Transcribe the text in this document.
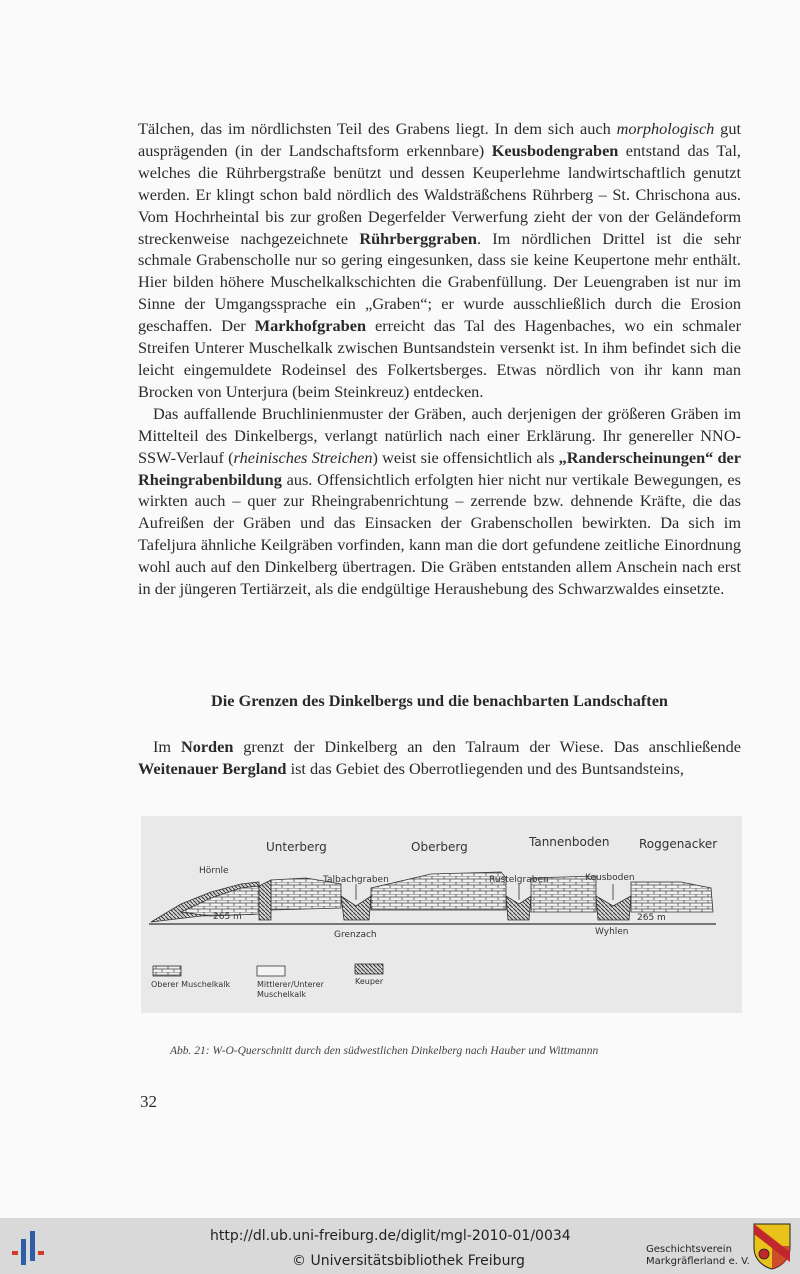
Tälchen, das im nördlichsten Teil des Grabens liegt. In dem sich auch morphologisch gut ausprägenden (in der Landschaftsform erkennbare) Keusbodengraben entstand das Tal, welches die Rührbergstraße benützt und dessen Keuperlehme landwirtschaftlich genutzt werden. Er klingt schon bald nördlich des Waldsträßchens Rührberg – St. Chrischona aus. Vom Hochrheintal bis zur großen Degerfelder Verwerfung zieht der von der Geländeform streckenweise nachgezeichnete Rührberggraben. Im nördlichen Drittel ist die sehr schmale Grabenscholle nur so gering eingesunken, dass sie keine Keupertone mehr enthält. Hier bilden höhere Muschelkalkschichten die Grabenfüllung. Der Leuengraben ist nur im Sinne der Umgangssprache ein „Graben“; er wurde ausschließlich durch die Erosion geschaffen. Der Markhofgraben erreicht das Tal des Hagenbaches, wo ein schmaler Streifen Unterer Muschelkalk zwischen Buntsandstein versenkt ist. In ihm befindet sich die leicht eingemuldete Rodeinsel des Folkertsberges. Etwas nördlich von ihr kann man Brocken von Unterjura (beim Steinkreuz) entdecken.

Das auffallende Bruchlinienmuster der Gräben, auch derjenigen der größeren Gräben im Mittelteil des Dinkelbergs, verlangt natürlich nach einer Erklärung. Ihr genereller NNO-SSW-Verlauf (rheinisches Streichen) weist sie offensichtlich als „Randerscheinungen“ der Rheingrabenbildung aus. Offensichtlich erfolgten hier nicht nur vertikale Bewegungen, es wirkten auch – quer zur Rheingrabenrichtung – zerrende bzw. dehnende Kräfte, die das Aufreißen der Gräben und das Einsacken der Grabenschollen bewirkten. Da sich im Tafeljura ähnliche Keilgräben vorfinden, kann man die dort gefundene zeitliche Einordnung wohl auch auf den Dinkelberg übertragen. Die Gräben entstanden allem Anschein nach erst in der jüngeren Tertiärzeit, als die endgültige Heraushebung des Schwarzwaldes einsetzte.

Die Grenzen des Dinkelbergs und die benachbarten Landschaften

Im Norden grenzt der Dinkelberg an den Talraum der Wiese. Das anschließende Weitenauer Bergland ist das Gebiet des Oberrotliegenden und des Buntsandsteins,

Unterberg	Oberberg	Tannenboden Roggenacker
Hörnle
Talbachgraben	Rustelgraben	Keusboden
265 m	265 m
Grenzach	Wyhlen
Oberer Muschelkalk	Mittlerer/Unterer
Muschelkalk
Keuper
Abb. 21: W-O-Querschnitt durch den südwestlichen Dinkelberg nach Hauber und Wittmannn
32
http://dl.ub.uni-freiburg.de/diglit/mgl-2010-01/0034
© Universitätsbibliothek Freiburg
Geschichtsverein
Markgräflerland e. V.
